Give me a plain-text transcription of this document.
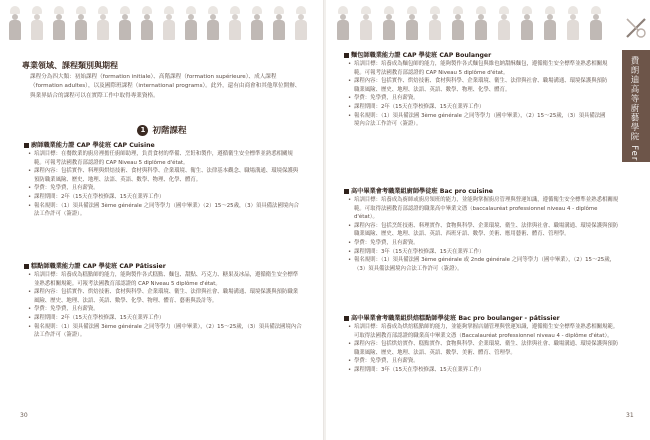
專業領域、課程類別與期程
課程分為四大類：初始課程（formation initiale）、高階課程（formation supérieure）、成人課程（formation adultes），以及國際班課程（international programs）。此外，還有由商會和其他單位開辦、與業界結合的課程可以在實際工作中取得專業資格。
1 初階課程
廚師職業能力證 CAP 學徒班 CAP Cuisine
• 培訓目標：在餐飲業的廚房裡擔任廚師助理，負責食材的準備、烹飪和製作，遵循衛生安全標準並熟悉相關規範。可報考法國教育部認證的 CAP Niveau 5 diplôme d'état。
• 課程內容：包括實作、料理與烘焙技術、食材與科學、企業環境、衛生、法律基本觀念、職場溝通、環境保護與預防職業風險、歷史、地理、法語、英語、數學、物理、化學、體育。
• 學費：免學費，且有薪資。
• 課程期間：2年（15天在學校修課、15天在業界工作）
• 報名規則：（1）須具備法國 3ème générale 之同等學力（國中畢業）（2）15～25歲，（3）須具備法國境內合法工作許可（簽證）。
糕點師職業能力證 CAP 學徒班 CAP Pâtissier
• 培訓目標：培養成為糕點師的能力，能夠製作各式糕點、麵包、甜點、巧克力、糖果及冰品，遵循衛生安全標準並熟悉相關規範。可報考法國教育部認證的 CAP Niveau 5 diplôme d'état。
• 課程內容：包括實作、烘焙技術、食材與科學、企業環境、衛生、法律與社會、職場溝通、環境保護與預防職業風險、歷史、地理、法語、英語、數學、化學、物理、體育、藝術與設計等。
• 學費：免學費，且有薪資。
• 課程期間：2年（15天在學校修課、15天在業界工作）
• 報名規則：（1）須具備法國 3ème générale 之同等學力（國中畢業），（2）15～25歲，（3）須具備法國境內合法工作許可（簽證）。
30
麵包師職業能力證 CAP 學徒班 CAP Boulanger
• 培訓目標：培養成為麵包師的能力，能夠製作各式麵包與維也納甜酥麵包，遵循衛生安全標準並熟悉相關規範。可報考法國教育部認證的 CAP Niveau 5 diplôme d'état。
• 課程內容：包括實作、烘焙技術、食材與科學、企業環境、衛生、法律與社會、職場溝通、環境保護與預防職業風險、歷史、地理、法語、英語、數學、物理、化學、體育。
• 學費：免學費，且有薪資。
• 課程期間：2年（15天在學校修課、15天在業界工作）
• 報名規則：（1）須具備法國 3ème générale 之同等學力（國中畢業），（2）15～25歲，（3）須具備法國境內合法工作許可（簽證）。
高中畢業會考職業組廚師學徒班 Bac pro cuisine
• 培訓目標：培養成為廚師或廚房領班的能力，並能夠掌握廚房管理與營運知識，遵循衛生安全標準並熟悉相關規範。可取得法國教育部認證的職業高中畢業文憑（baccalauréat professionnel niveau 4 - diplôme d'état）。
• 課程內容：包括烹飪技術、料理實作、食物與科學、企業環境、衛生、法律與社會、職場溝通、環境保護與預防職業風險、歷史、地理、法語、英語、西班牙語、數學、美術、應用藝術、體育、管理學。
• 學費：免學費，且有薪資。
• 課程期間：3年（15天在學校修課、15天在業界工作）
• 報名規則：（1）須具備法國 3ème générale 或 2nde générale 之同等學力（國中畢業），（2）15～25歲，（3）須具備法國境內合法工作許可（簽證）。
高中畢業會考職業組烘焙糕點師學徒班 Bac pro boulanger - pâtissier
• 培訓目標：培養成為烘焙糕點師的能力，並能夠掌握店舖管理與營運知識，遵循衛生安全標準並熟悉相關規範。可取得法國教育部認證的職業高中畢業文憑（Baccalauréat professionnel niveau 4 - diplôme d'état）。
• 課程內容：包括烘焙實作、糕點實作、食物與科學、企業環境、衛生、法律與社會、職場溝通、環境保護與預防職業風險、歷史、地理、法語、英語、數學、美術、體育、管理學。
• 學費：免學費，且有薪資。
• 課程期間：3年（15天在學校修課、15天在業界工作）
費朗迪高等廚藝學院 Ferrandi Paris School
31
